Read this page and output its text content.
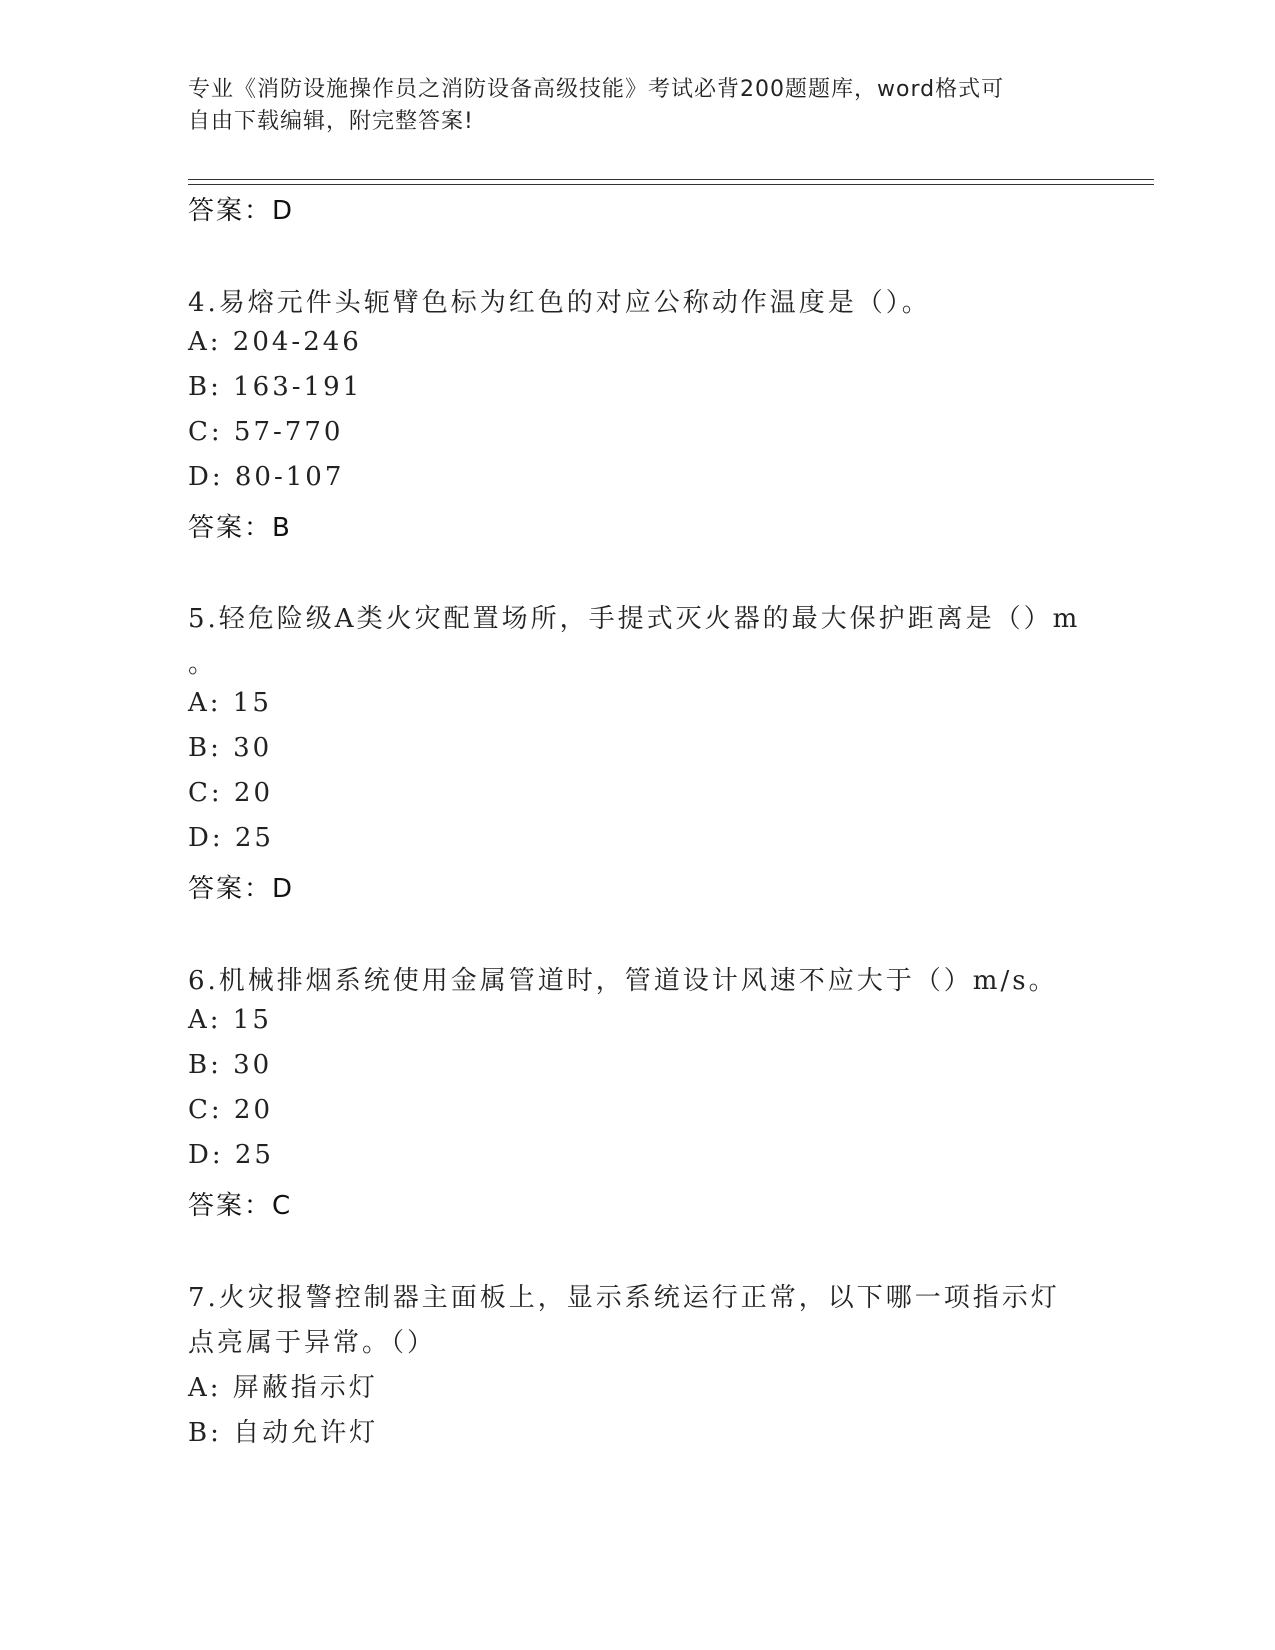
专业《消防设施操作员之消防设备高级技能》考试必背200题题库，word格式可
自由下载编辑，附完整答案!
答案：D
4.易熔元件头轭臂色标为红色的对应公称动作温度是（）。
A: 204-246
B: 163-191
C: 57-770
D: 80-107
答案：B
5.轻危险级A类火灾配置场所，手提式灭火器的最大保护距离是（）m
。
A: 15
B: 30
C: 20
D: 25
答案：D
6.机械排烟系统使用金属管道时，管道设计风速不应大于（）m/s。
A: 15
B: 30
C: 20
D: 25
答案：C
7.火灾报警控制器主面板上，显示系统运行正常，以下哪一项指示灯
点亮属于异常。（）
A: 屏蔽指示灯
B: 自动允许灯
